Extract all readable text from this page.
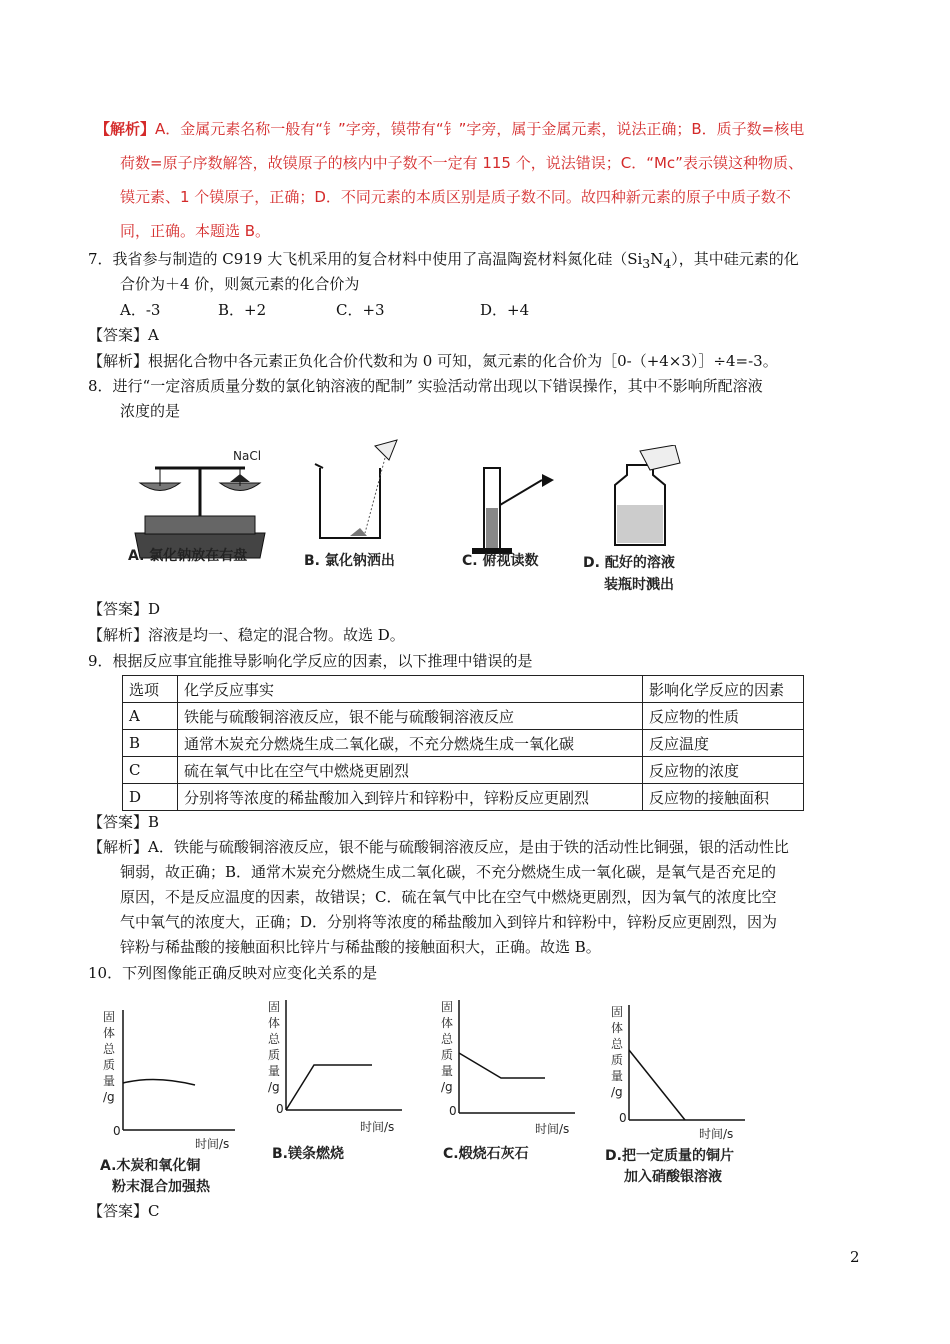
【解析】A．金属元素名称一般有“钅”字旁，镆带有“钅”字旁，属于金属元素，说法正确；B．质子数=核电
荷数=原子序数解答，故镆原子的核内中子数不一定有 115 个，说法错误；C．“Mc”表示镆这种物质、
镆元素、1 个镆原子，正确；D．不同元素的本质区别是质子数不同。故四种新元素的原子中质子数不
同，正确。本题选 B。
7．我省参与制造的 C919 大飞机采用的复合材料中使用了高温陶瓷材料氮化硅$(Si_3N_4)$，其中硅元素的化
合价为＋4 价，则氮元素的化合价为
A．-3	B．+2	C．+3	D．+4
【答案】A
【解析】根据化合物中各元素正负化合价代数和为 0 可知，氮元素的化合价为［0-（+4×3）］÷4=-3。
8．进行“一定溶质质量分数的氯化钠溶液的配制” 实验活动常出现以下错误操作，其中不影响所配溶液
浓度的是
NaCl
A. 氯化钠放在右盘	B. 氯化钠洒出	C. 俯视读数	D. 配好的溶液
装瓶时溅出
【答案】D
【解析】溶液是均一、稳定的混合物。故选 D。
9．根据反应事宜能推导影响化学反应的因素，以下推理中错误的是
选项	化学反应事实	影响化学反应的因素
A	铁能与硫酸铜溶液反应，银不能与硫酸铜溶液反应	反应物的性质
B	通常木炭充分燃烧生成二氧化碳，不充分燃烧生成一氧化碳	反应温度
C	硫在氧气中比在空气中燃烧更剧烈	反应物的浓度
D	分别将等浓度的稀盐酸加入到锌片和锌粉中，锌粉反应更剧烈	反应物的接触面积
【答案】B
【解析】A．铁能与硫酸铜溶液反应，银不能与硫酸铜溶液反应，是由于铁的活动性比铜强，银的活动性比
铜弱，故正确；B．通常木炭充分燃烧生成二氧化碳，不充分燃烧生成一氧化碳，是氧气是否充足的
原因，不是反应温度的因素，故错误；C．硫在氧气中比在空气中燃烧更剧烈，因为氧气的浓度比空
气中氧气的浓度大，正确；D．分别将等浓度的稀盐酸加入到锌片和锌粉中，锌粉反应更剧烈，因为
锌粉与稀盐酸的接触面积比锌片与稀盐酸的接触面积大，正确。故选 B。
10．下列图像能正确反映对应变化关系的是
固
体
总
质
量
/g
0
时间/s
A.木炭和氧化铜
粉末混合加强热
固
体
总
质
量
/g
0
时间/s
B.镁条燃烧
固
体
总
质
量
/g
0
时间/s
C.煅烧石灰石
固
体
总
质
量
/g
0
时间/s
D.把一定质量的铜片
加入硝酸银溶液
【答案】C
2
